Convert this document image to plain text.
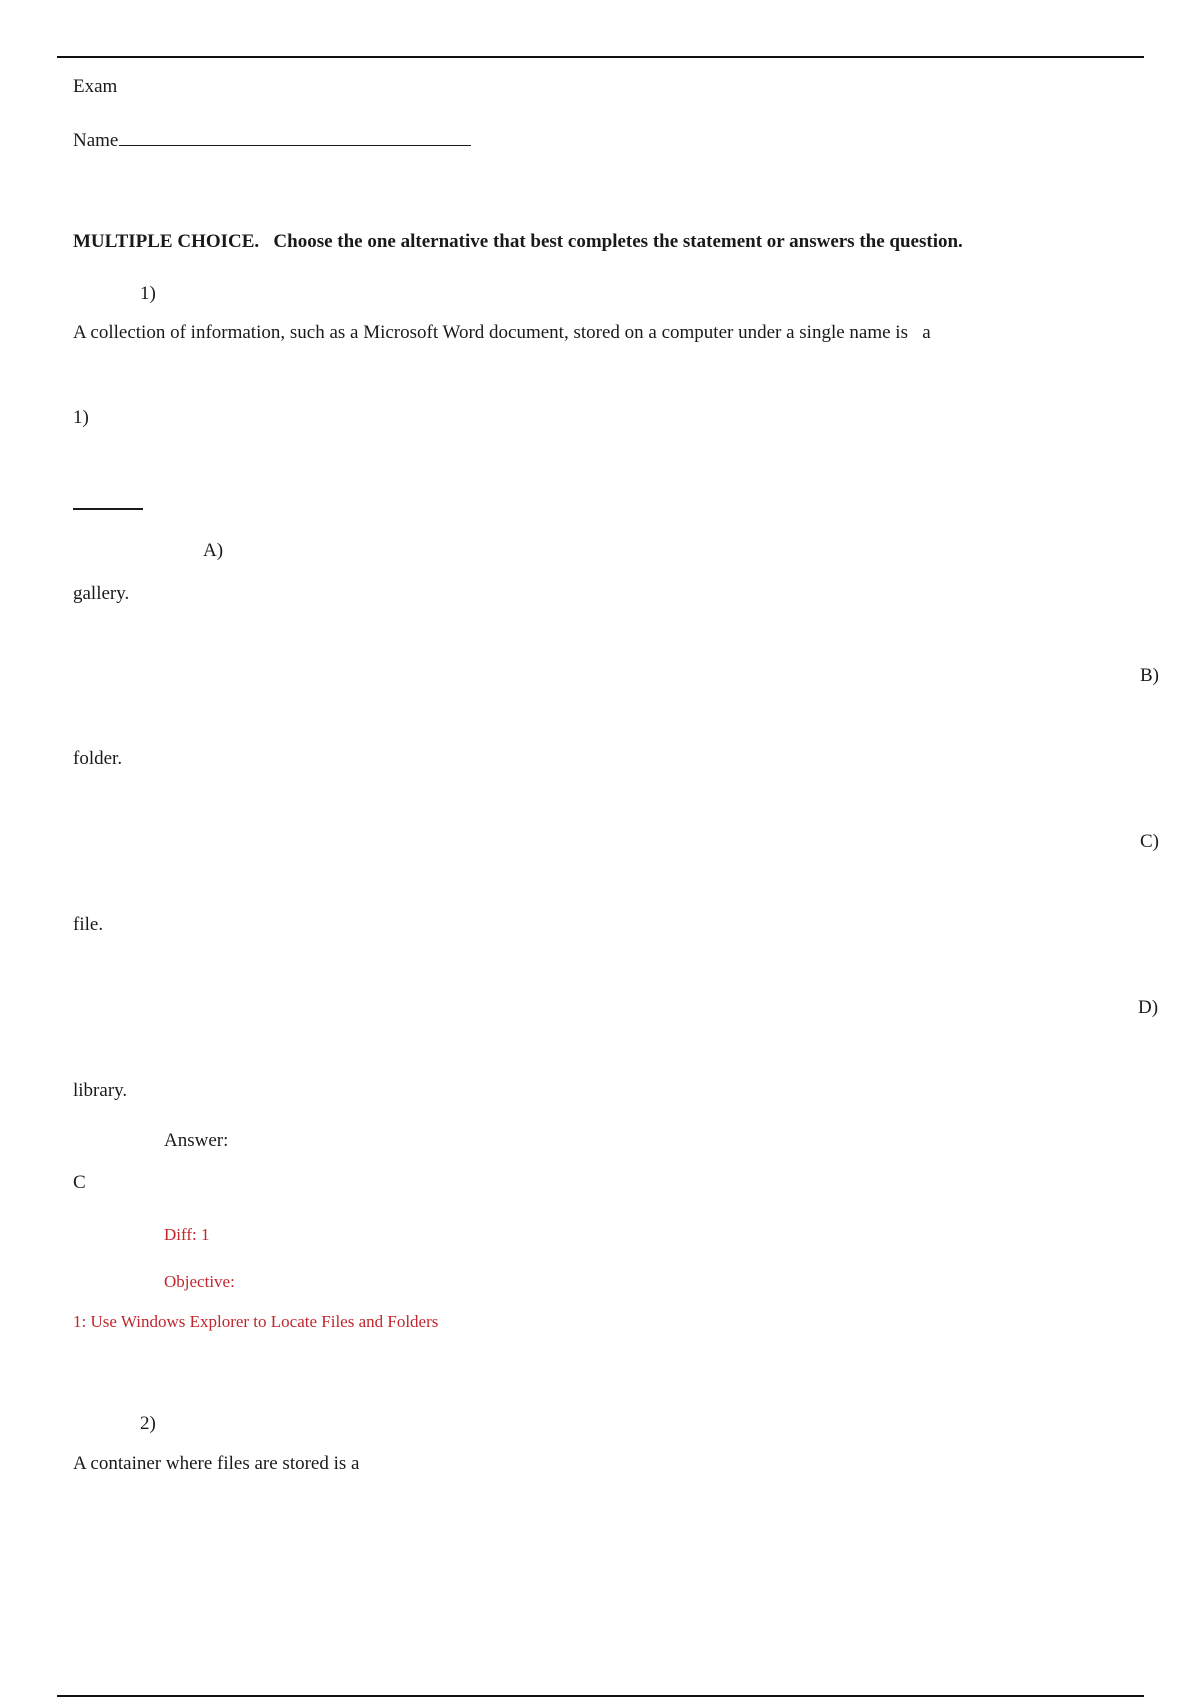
Exam
Name
MULTIPLE CHOICE. Choose the one alternative that best completes the statement or answers the question.
1)
A collection of information, such as a Microsoft Word document, stored on a computer under a single name is a
1)
A)
gallery.
B)
folder.
C)
file.
D)
library.
Answer:
C
Diff: 1
Objective:
1: Use Windows Explorer to Locate Files and Folders
2)
A container where files are stored is a
